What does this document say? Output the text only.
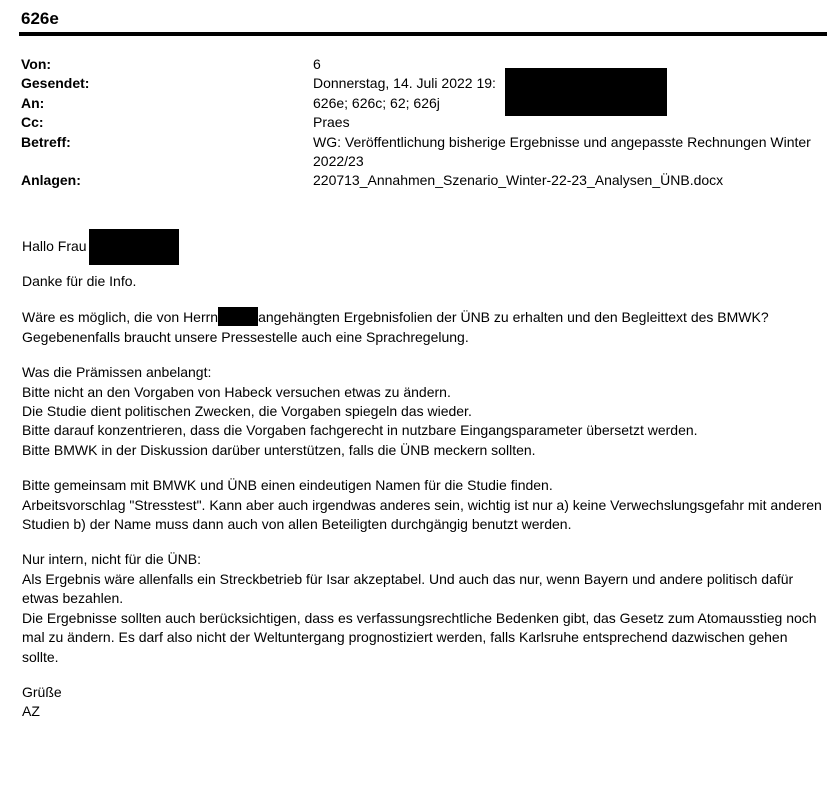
626e
Von:	6
Gesendet:	Donnerstag, 14. Juli 2022 19:
An:	626e; 626c; 62; 626j
Cc:	Praes
Betreff:	WG: Veröffentlichung bisherige Ergebnisse und angepasste Rechnungen Winter 2022/23
Anlagen:	220713_Annahmen_Szenario_Winter-22-23_Analysen_ÜNB.docx
Hallo Frau

Danke für die Info.

Wäre es möglich, die von Herrn	angehängten Ergebnisfolien der ÜNB zu erhalten und den Begleittext des BMWK?
Gegebenenfalls braucht unsere Pressestelle auch eine Sprachregelung.

Was die Prämissen anbelangt:
Bitte nicht an den Vorgaben von Habeck versuchen etwas zu ändern.
Die Studie dient politischen Zwecken, die Vorgaben spiegeln das wieder.
Bitte darauf konzentrieren, dass die Vorgaben fachgerecht in nutzbare Eingangsparameter übersetzt werden.
Bitte BMWK in der Diskussion darüber unterstützen, falls die ÜNB meckern sollten.

Bitte gemeinsam mit BMWK und ÜNB einen eindeutigen Namen für die Studie finden.
Arbeitsvorschlag "Stresstest". Kann aber auch irgendwas anderes sein, wichtig ist nur a) keine Verwechslungsgefahr mit anderen Studien b) der Name muss dann auch von allen Beteiligten durchgängig benutzt werden.

Nur intern, nicht für die ÜNB:
Als Ergebnis wäre allenfalls ein Streckbetrieb für Isar akzeptabel. Und auch das nur, wenn Bayern und andere politisch dafür etwas bezahlen.
Die Ergebnisse sollten auch berücksichtigen, dass es verfassungsrechtliche Bedenken gibt, das Gesetz zum Atomausstieg noch mal zu ändern. Es darf also nicht der Weltuntergang prognostiziert werden, falls Karlsruhe entsprechend dazwischen gehen sollte.

Grüße
AZ
